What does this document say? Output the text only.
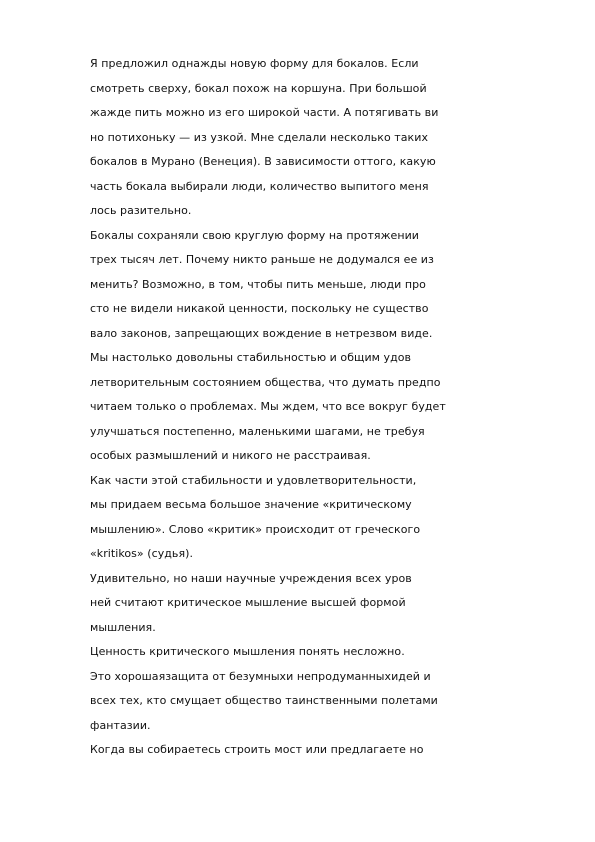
Я предложил однажды новую форму для бокалов. Если
смотреть сверху, бокал похож на коршуна. При большой
жажде пить можно из его широкой части. А потягивать ви
но потихоньку — из узкой. Мне сделали несколько таких
бокалов в Мурано (Венеция). В зависимости оттого, какую
часть бокала выбирали люди, количество выпитого меня
лось разительно.
Бокалы сохраняли свою круглую форму на протяжении
трех тысяч лет. Почему никто раньше не додумался ее из
менить? Возможно, в том, чтобы пить меньше, люди про
сто не видели никакой ценности, поскольку не существо
вало законов, запрещающих вождение в нетрезвом виде.
Мы настолько довольны стабильностью и общим удов
летворительным состоянием общества, что думать предпо
читаем только о проблемах. Мы ждем, что все вокруг будет
улучшаться постепенно, маленькими шагами, не требуя
особых размышлений и никого не расстраивая.
Как части этой стабильности и удовлетворительности,
мы придаем весьма большое значение «критическому
мышлению». Слово «критик» происходит от греческого
«kritikos» (судья).
Удивительно, но наши научные учреждения всех уров
ней считают критическое мышление высшей формой
мышления.
Ценность критического мышления понять несложно.
Это хорошаязащита от безумныхи непродуманныхидей и
всех тех, кто смущает общество таинственными полетами
фантазии.
Когда вы собираетесь строить мост или предлагаете но
